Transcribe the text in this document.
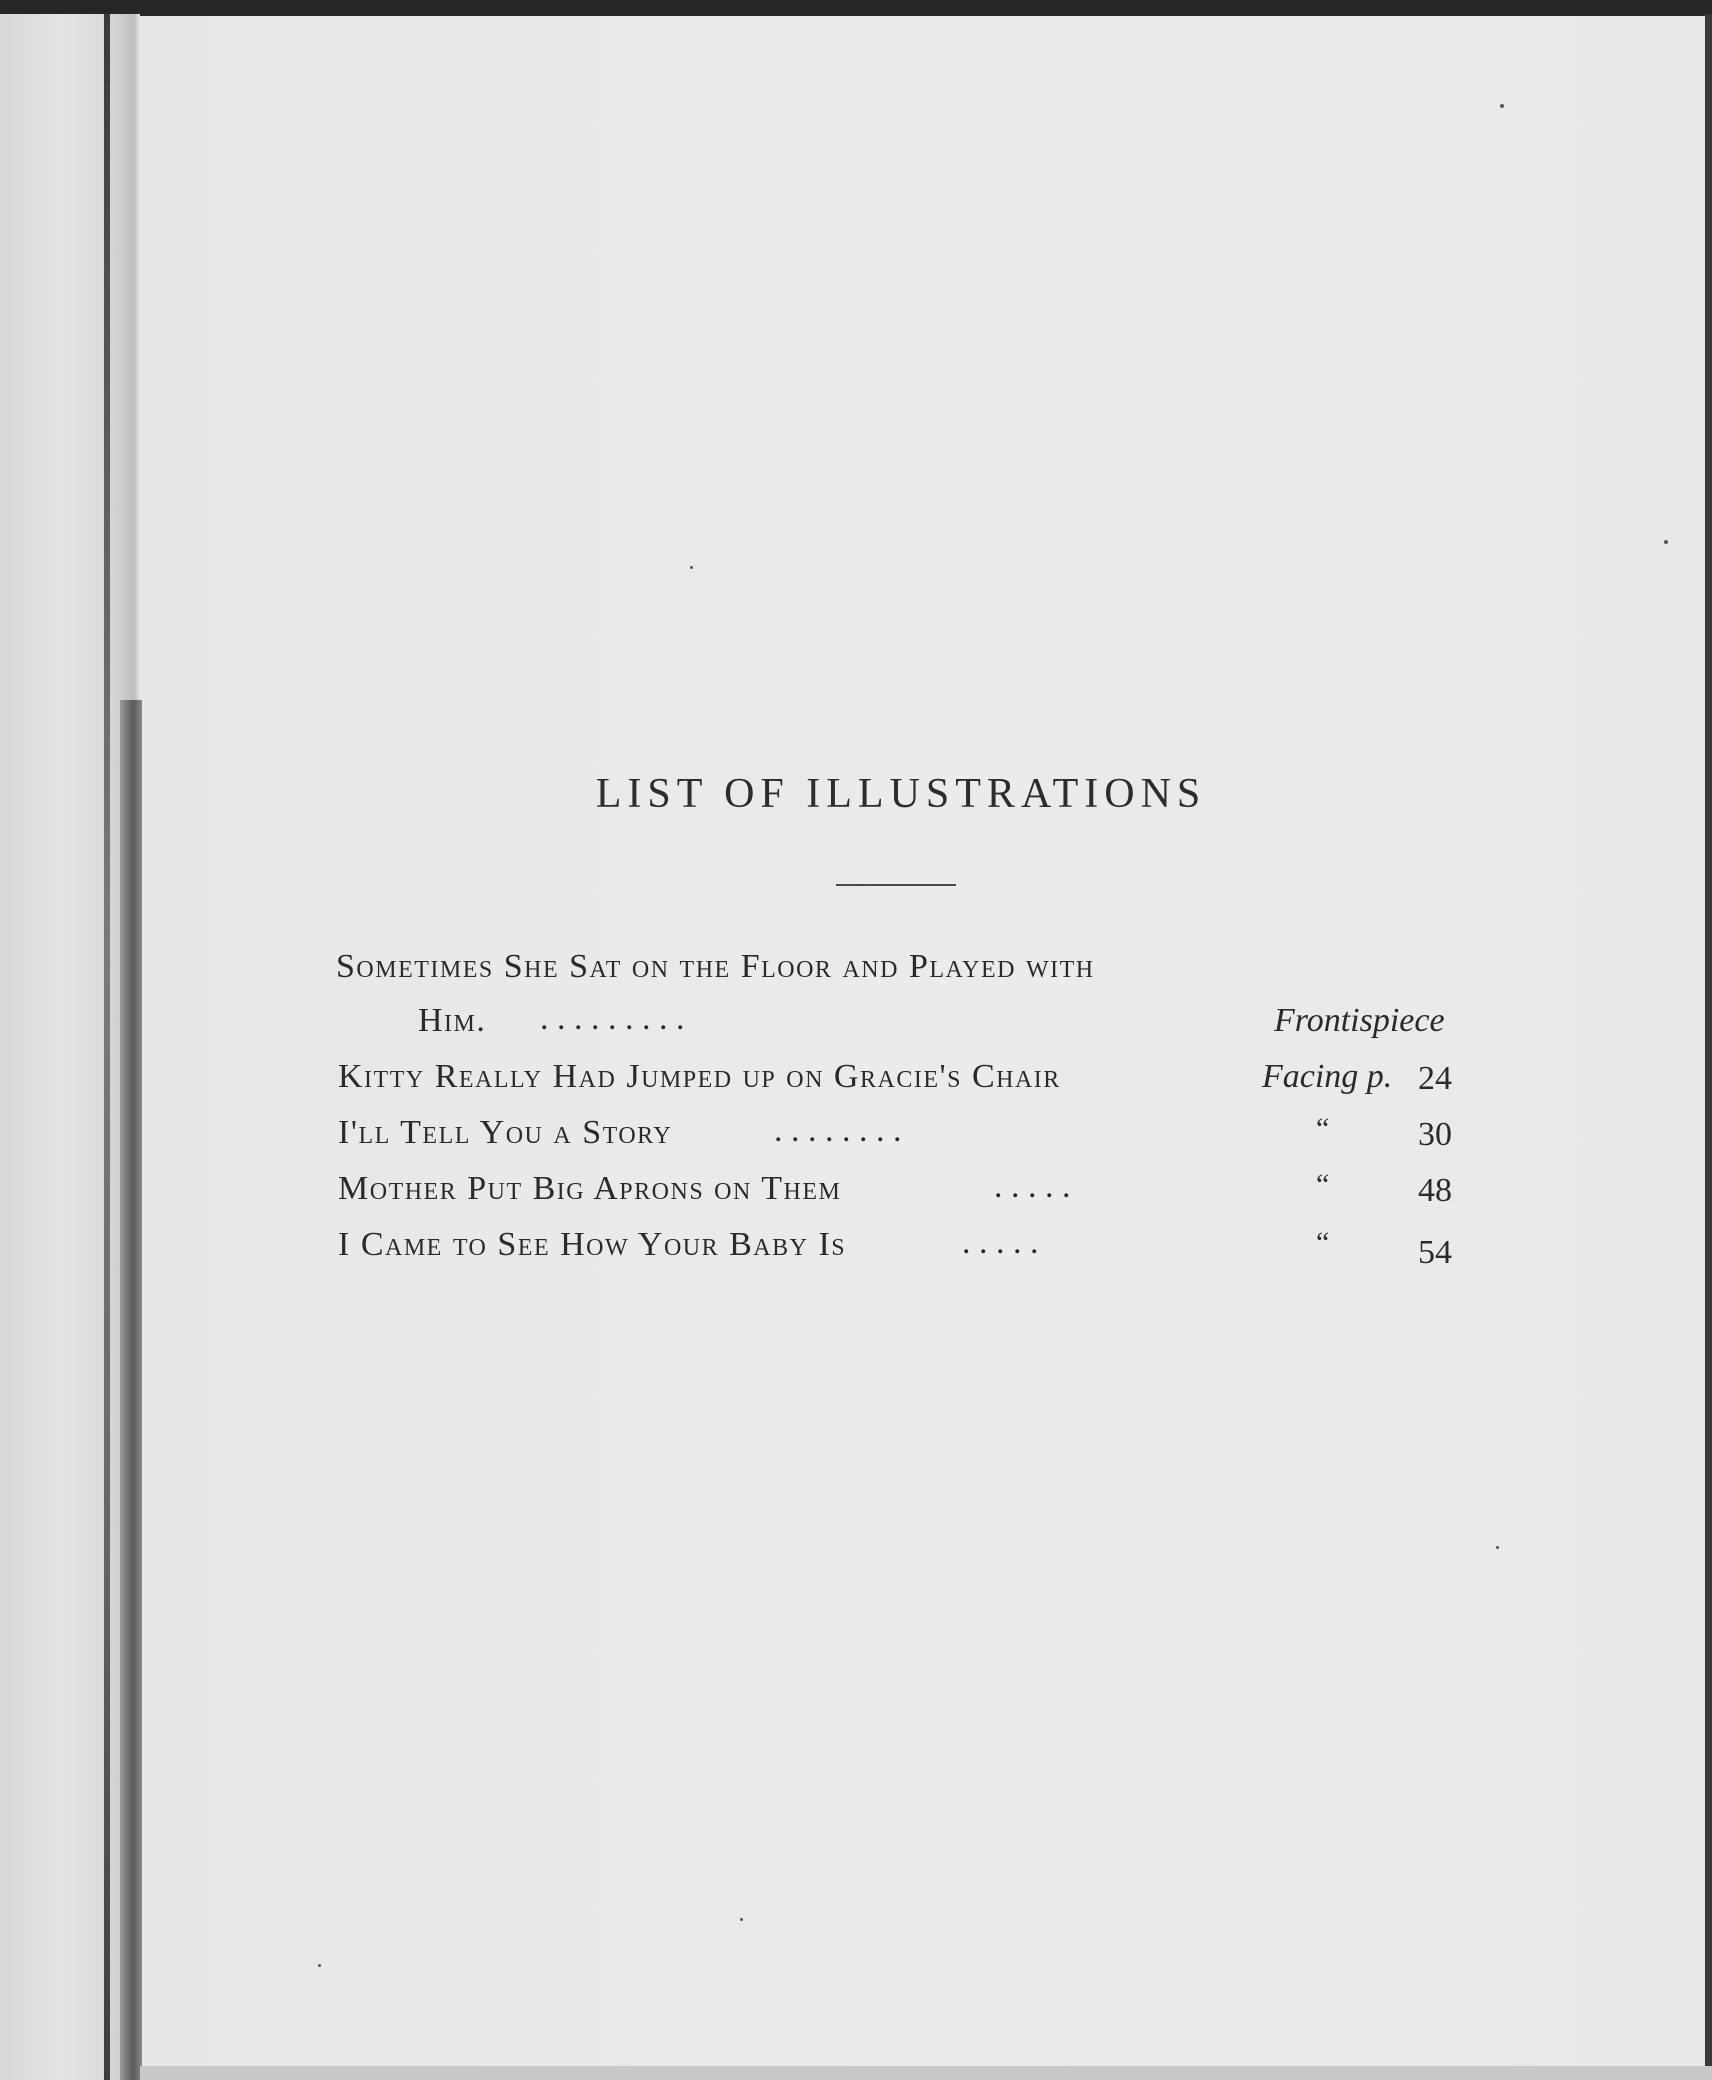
LIST OF ILLUSTRATIONS
Sometimes She Sat on the Floor and Played with
Him. . . . . . . . . .	Frontispiece
Kitty Really Had Jumped up on Gracie's Chair	Facing p. 24
I'll Tell You a Story	. . . . . . . .	“	30
Mother Put Big Aprons on Them	. . . . .	“	48
I Came to See How Your Baby Is	. . . . .	“	54
